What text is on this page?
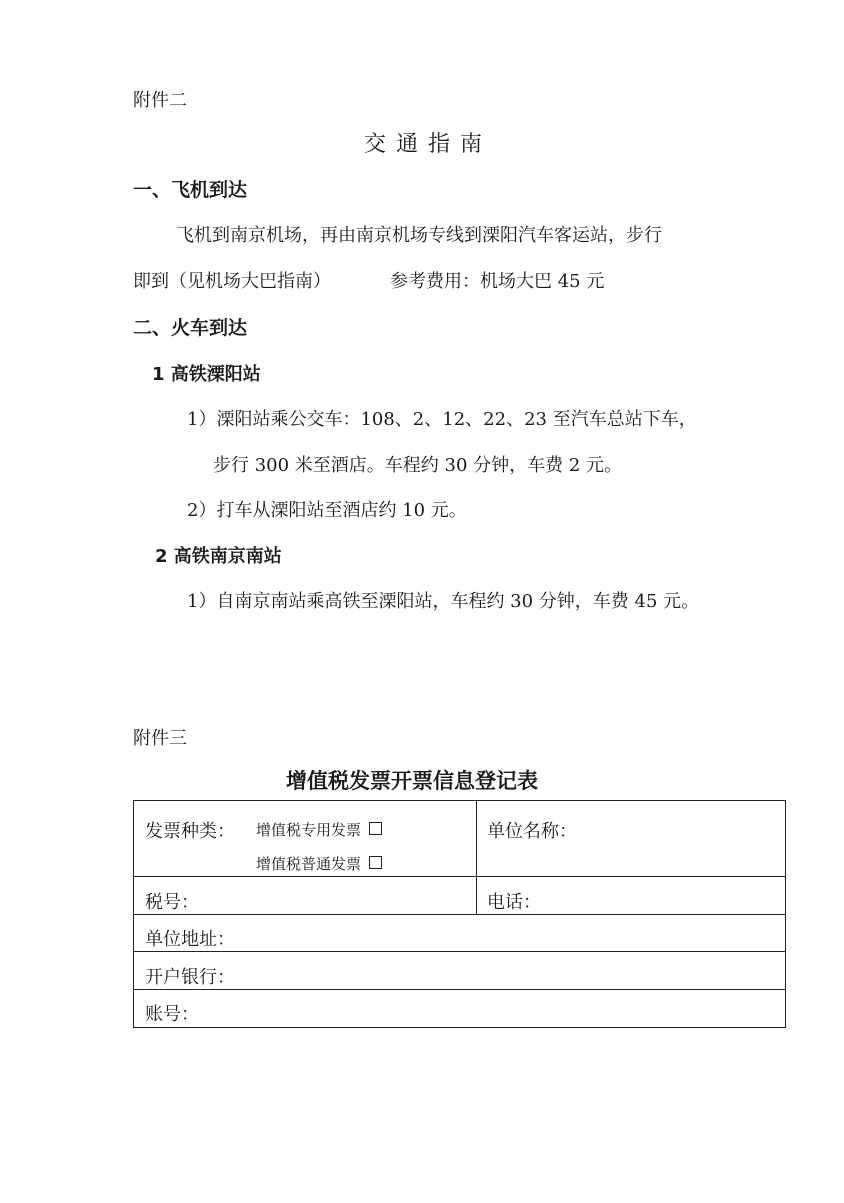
附件二
交通指南
一、飞机到达
飞机到南京机场，再由南京机场专线到溧阳汽车客运站，步行
即到（见机场大巴指南）	参考费用：机场大巴 45 元
二、火车到达
1 高铁溧阳站
1）溧阳站乘公交车：108、2、12、22、23 至汽车总站下车，
步行 300 米至酒店。车程约 30 分钟，车费 2 元。
2）打车从溧阳站至酒店约 10 元。
2 高铁南京南站
1）自南京南站乘高铁至溧阳站，车程约 30 分钟，车费 45 元。
附件三
增值税发票开票信息登记表
发票种类： 增值税专用发票
增值税普通发票
单位名称：
税号：	电话：
单位地址：
开户银行：
账号：
